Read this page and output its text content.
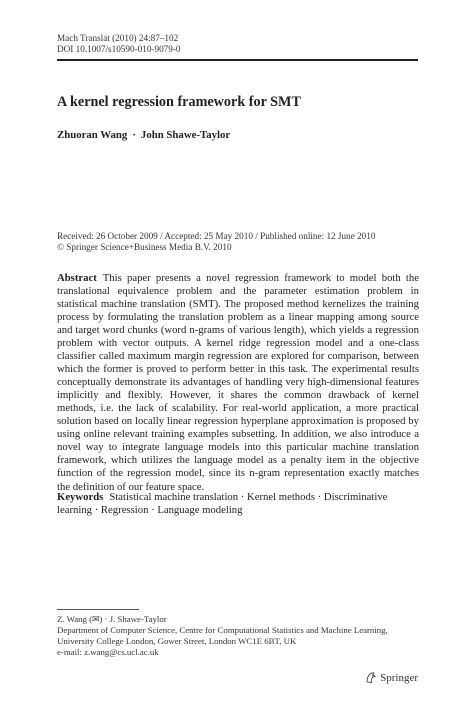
Mach Translat (2010) 24:87–102
DOI 10.1007/s10590-010-9079-0
A kernel regression framework for SMT
Zhuoran Wang · John Shawe-Taylor
Received: 26 October 2009 / Accepted: 25 May 2010 / Published online: 12 June 2010
© Springer Science+Business Media B.V. 2010
Abstract This paper presents a novel regression framework to model both the translational equivalence problem and the parameter estimation problem in statistical machine translation (SMT). The proposed method kernelizes the training process by formulating the translation problem as a linear mapping among source and target word chunks (word n-grams of various length), which yields a regression problem with vector outputs. A kernel ridge regression model and a one-class classifier called maximum margin regression are explored for comparison, between which the former is proved to perform better in this task. The experimental results conceptually demonstrate its advantages of handling very high-dimensional features implicitly and flexibly. However, it shares the common drawback of kernel methods, i.e. the lack of scalability. For real-world application, a more practical solution based on locally linear regression hyperplane approximation is proposed by using online relevant training examples subsetting. In addition, we also introduce a novel way to integrate language models into this particular machine translation framework, which utilizes the language model as a penalty item in the objective function of the regression model, since its n-gram representation exactly matches the definition of our feature space.
Keywords Statistical machine translation · Kernel methods · Discriminative learning · Regression · Language modeling
Z. Wang (✉) · J. Shawe-Taylor
Department of Computer Science, Centre for Computational Statistics and Machine Learning,
University College London, Gower Street, London WC1E 6BT, UK
e-mail: z.wang@cs.ucl.ac.uk
Springer
